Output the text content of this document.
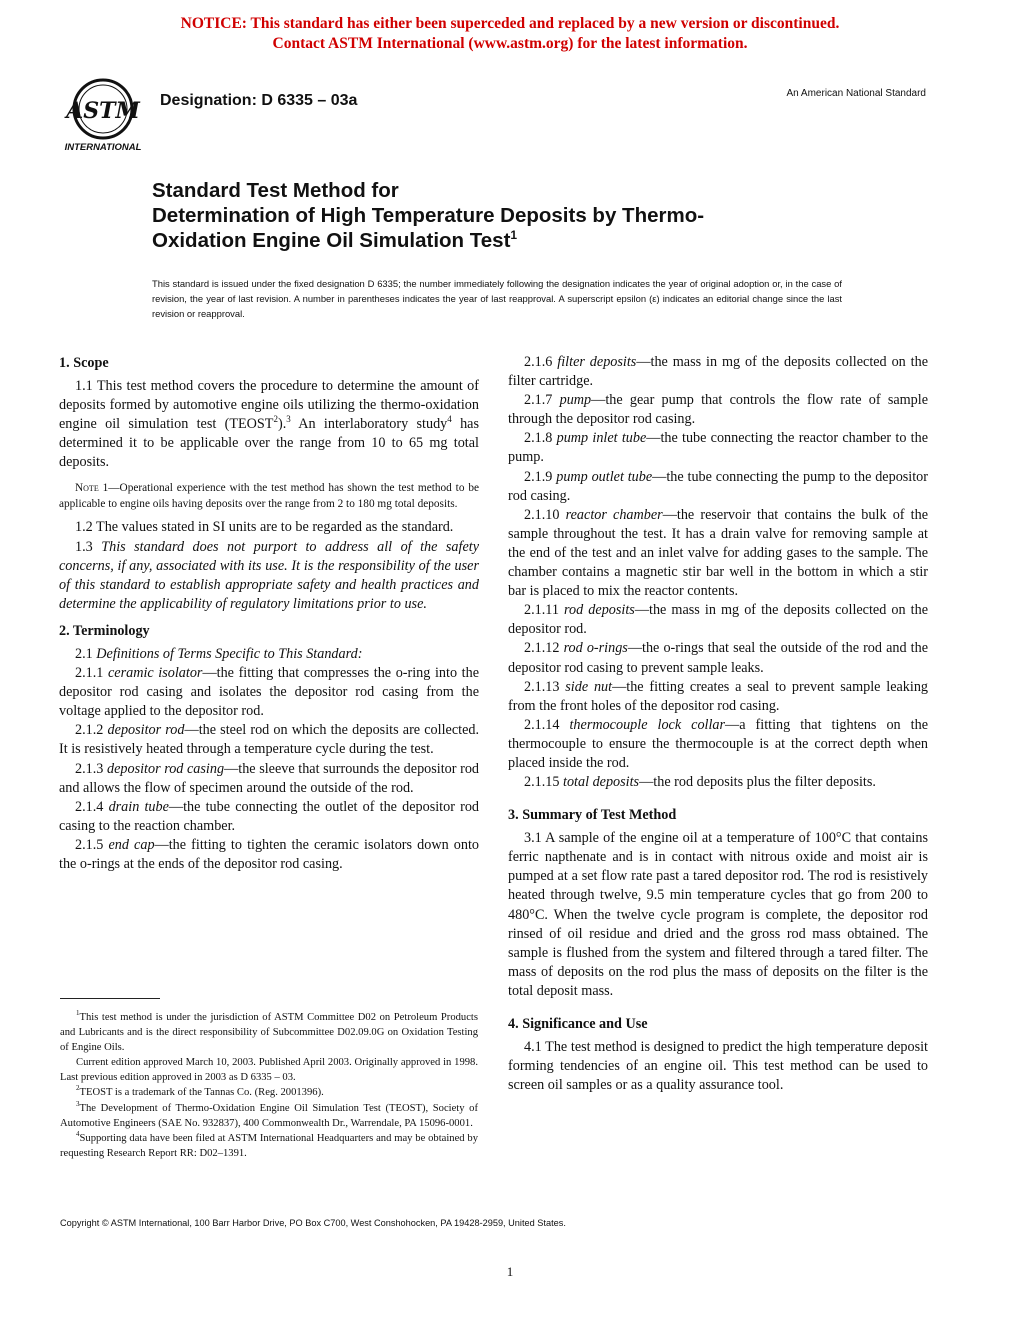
NOTICE: This standard has either been superceded and replaced by a new version or discontinued.
Contact ASTM International (www.astm.org) for the latest information.
ASTM
INTERNATIONAL
Designation: D 6335 – 03a	An American National Standard
Standard Test Method for
Determination of High Temperature Deposits by Thermo-
Oxidation Engine Oil Simulation Test$^1$
This standard is issued under the fixed designation D 6335; the number immediately following the designation indicates the year of original adoption or, in the case of revision, the year of last revision. A number in parentheses indicates the year of last reapproval. A superscript epsilon (ε) indicates an editorial change since the last revision or reapproval.
1. Scope

1.1 This test method covers the procedure to determine the amount of deposits formed by automotive engine oils utilizing the thermo-oxidation engine oil simulation test (TEOST$^2$).$^3$ An interlaboratory study$^4$ has determined it to be applicable over the range from 10 to 65 mg total deposits.

Note 1—Operational experience with the test method has shown the test method to be applicable to engine oils having deposits over the range from 2 to 180 mg total deposits.

1.2 The values stated in SI units are to be regarded as the standard.

1.3 This standard does not purport to address all of the safety concerns, if any, associated with its use. It is the responsibility of the user of this standard to establish appropriate safety and health practices and determine the applicability of regulatory limitations prior to use.

2. Terminology

2.1 Definitions of Terms Specific to This Standard:

2.1.1 ceramic isolator—the fitting that compresses the o-ring into the depositor rod casing and isolates the depositor rod casing from the voltage applied to the depositor rod.

2.1.2 depositor rod—the steel rod on which the deposits are collected. It is resistively heated through a temperature cycle during the test.

2.1.3 depositor rod casing—the sleeve that surrounds the depositor rod and allows the flow of specimen around the outside of the rod.

2.1.4 drain tube—the tube connecting the outlet of the depositor rod casing to the reaction chamber.

2.1.5 end cap—the fitting to tighten the ceramic isolators down onto the o-rings at the ends of the depositor rod casing.

2.1.6 filter deposits—the mass in mg of the deposits collected on the filter cartridge.

2.1.7 pump—the gear pump that controls the flow rate of sample through the depositor rod casing.

2.1.8 pump inlet tube—the tube connecting the reactor chamber to the pump.

2.1.9 pump outlet tube—the tube connecting the pump to the depositor rod casing.

2.1.10 reactor chamber—the reservoir that contains the bulk of the sample throughout the test. It has a drain valve for removing sample at the end of the test and an inlet valve for adding gases to the sample. The chamber contains a magnetic stir bar well in the bottom in which a stir bar is placed to mix the reactor contents.

2.1.11 rod deposits—the mass in mg of the deposits collected on the depositor rod.

2.1.12 rod o-rings—the o-rings that seal the outside of the rod and the depositor rod casing to prevent sample leaks.

2.1.13 side nut—the fitting creates a seal to prevent sample leaking from the front holes of the depositor rod casing.

2.1.14 thermocouple lock collar—a fitting that tightens on the thermocouple to ensure the thermocouple is at the correct depth when placed inside the rod.

2.1.15 total deposits—the rod deposits plus the filter deposits.

3. Summary of Test Method

3.1 A sample of the engine oil at a temperature of 100°C that contains ferric napthenate and is in contact with nitrous oxide and moist air is pumped at a set flow rate past a tared depositor rod. The rod is resistively heated through twelve, 9.5 min temperature cycles that go from 200 to 480°C. When the twelve cycle program is complete, the depositor rod rinsed of oil residue and dried and the gross rod mass obtained. The sample is flushed from the system and filtered through a tared filter. The mass of deposits on the rod plus the mass of deposits on the filter is the total deposit mass.

4. Significance and Use

4.1 The test method is designed to predict the high temperature deposit forming tendencies of an engine oil. This test method can be used to screen oil samples or as a quality assurance tool.

$^1$This test method is under the jurisdiction of ASTM Committee D02 on Petroleum Products and Lubricants and is the direct responsibility of Subcommittee D02.09.0G on Oxidation Testing of Engine Oils.

Current edition approved March 10, 2003. Published April 2003. Originally approved in 1998. Last previous edition approved in 2003 as D 6335 – 03.

$^2$TEOST is a trademark of the Tannas Co. (Reg. 2001396).

$^3$The Development of Thermo-Oxidation Engine Oil Simulation Test (TEOST), Society of Automotive Engineers (SAE No. 932837), 400 Commonwealth Dr., Warrendale, PA 15096-0001.

$^4$Supporting data have been filed at ASTM International Headquarters and may be obtained by requesting Research Report RR: D02–1391.

Copyright © ASTM International, 100 Barr Harbor Drive, PO Box C700, West Conshohocken, PA 19428-2959, United States.
1
